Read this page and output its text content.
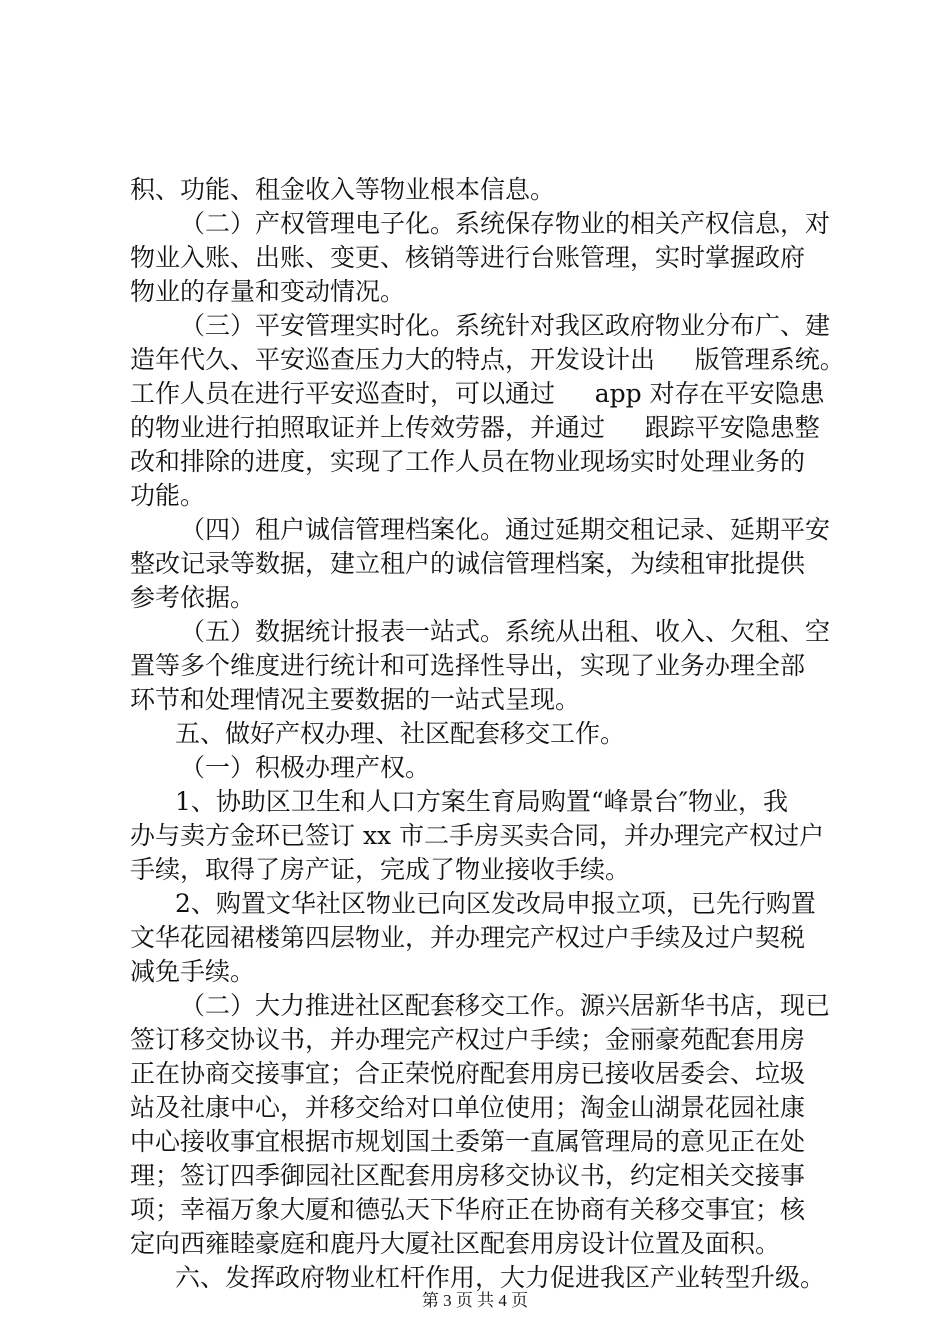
积、功能、租金收入等物业根本信息。
（二）产权管理电子化。系统保存物业的相关产权信息，对
物业入账、出账、变更、核销等进行台账管理，实时掌握政府
物业的存量和变动情况。
（三）平安管理实时化。系统针对我区政府物业分布广、建
造年代久、平安巡查压力大的特点，开发设计出     版管理系统。
工作人员在进行平安巡查时，可以通过     app 对存在平安隐患
的物业进行拍照取证并上传效劳器，并通过     跟踪平安隐患整
改和排除的进度，实现了工作人员在物业现场实时处理业务的
功能。
（四）租户诚信管理档案化。通过延期交租记录、延期平安
整改记录等数据，建立租户的诚信管理档案，为续租审批提供
参考依据。
（五）数据统计报表一站式。系统从出租、收入、欠租、空
置等多个维度进行统计和可选择性导出，实现了业务办理全部
环节和处理情况主要数据的一站式呈现。
五、做好产权办理、社区配套移交工作。
（一）积极办理产权。
1、协助区卫生和人口方案生育局购置“峰景台″物业，我
办与卖方金环已签订 xx 市二手房买卖合同，并办理完产权过户
手续，取得了房产证，完成了物业接收手续。
2、购置文华社区物业已向区发改局申报立项，已先行购置
文华花园裙楼第四层物业，并办理完产权过户手续及过户契税
减免手续。
（二）大力推进社区配套移交工作。源兴居新华书店，现已
签订移交协议书，并办理完产权过户手续；金丽豪苑配套用房
正在协商交接事宜；合正荣悦府配套用房已接收居委会、垃圾
站及社康中心，并移交给对口单位使用；淘金山湖景花园社康
中心接收事宜根据市规划国土委第一直属管理局的意见正在处
理；签订四季御园社区配套用房移交协议书，约定相关交接事
项；幸福万象大厦和德弘天下华府正在协商有关移交事宜；核
定向西雍睦豪庭和鹿丹大厦社区配套用房设计位置及面积。
六、发挥政府物业杠杆作用，大力促进我区产业转型升级。
第 3 页 共 4 页
